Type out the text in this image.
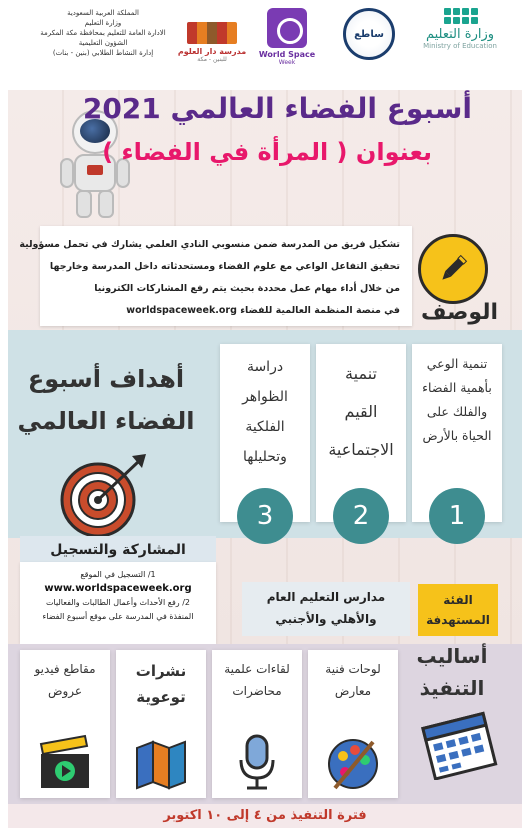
وزارة التعليم
Ministry of Education
ساطع
World Space
Week
مدرسة دار العلوم
للبنين - مكة
المملكة العربية السعودية
وزارة التعليم
الادارة العامة للتعليم بمحافظة مكة المكرمة
الشؤون التعليمية
إدارة النشاط الطلابي (بنين - بنات)
أسبوع الفضاء العالمي 2021
بعنوان ( المرأة في الفضاء )
تشكيل فريق من المدرسة ضمن منسوبي النادي العلمي يشارك في تحمل مسؤولية
تحقيق التفاعل الواعي مع علوم الفضاء ومستحدثاته داخل المدرسة وخارجها
من خلال أداء مهام عمل محددة بحيث يتم رفع المشاركات الكترونيا
في منصة المنظمة العالمية للفضاء worldspaceweek.org الوصف
أهداف أسبوع
الفضاء العالمي
تنمية الوعي
بأهمية الفضاء
والفلك على
الحياة بالأرض
1
تنمية
القيم
الاجتماعية
2
دراسة
الظواهر
الفلكية
وتحليلها
3
المشاركة والتسجيل
1/ التسجيل في الموقع
www.worldspaceweek.org
2/ رفع الأحداث وأعمال الطالبات والفعاليات
المنفذة في المدرسة على موقع أسبوع الفضاء
مدارس التعليم العام
والأهلي والأجنبي
الفئة
المستهدفة
أساليب
التنفيذ
لوحات فنية
معارض
لقاءات علمية
محاضرات
نشرات
توعوية
مقاطع فيديو
عروض
فترة التنفيذ من ٤ إلى ١٠ اكتوبر
